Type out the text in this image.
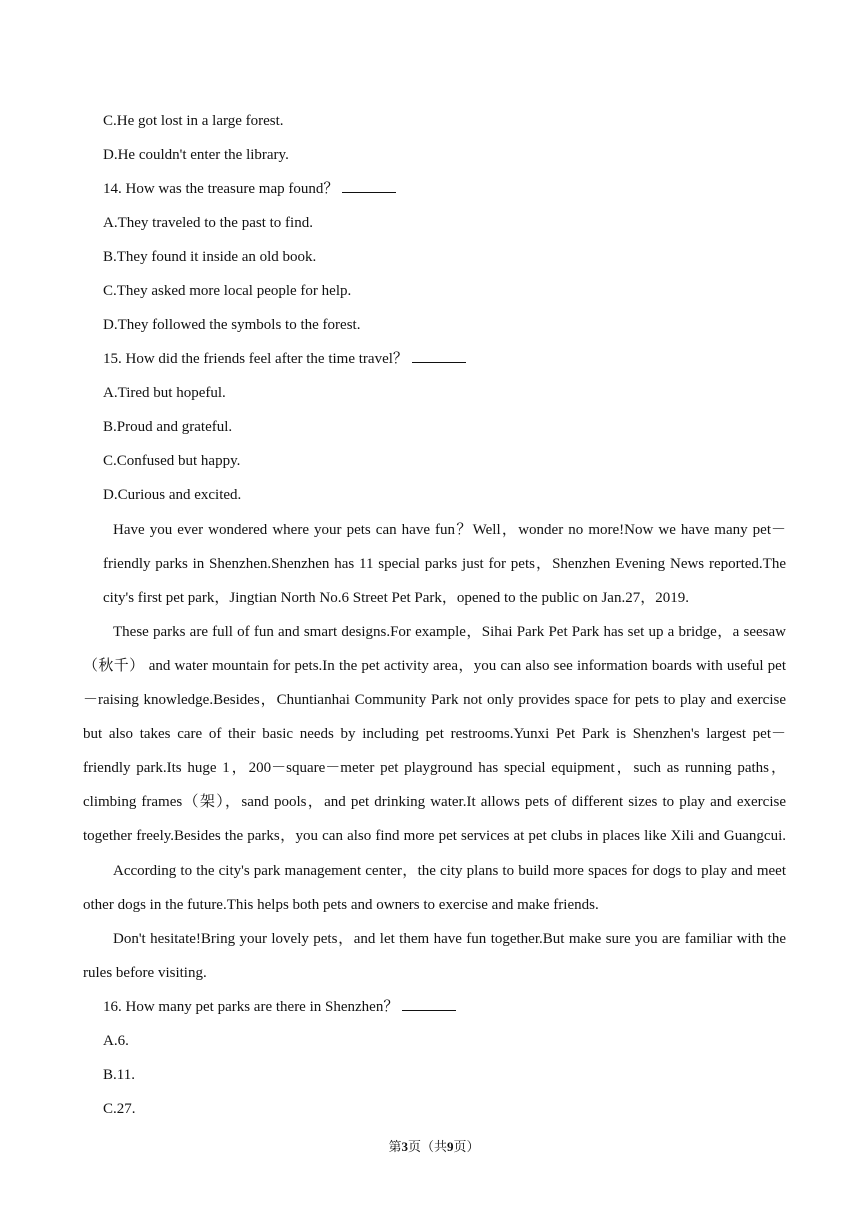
C.He got lost in a large forest.
D.He couldn't enter the library.
14. How was the treasure map found？
A.They traveled to the past to find.
B.They found it inside an old book.
C.They asked more local people for help.
D.They followed the symbols to the forest.
15. How did the friends feel after the time travel？
A.Tired but hopeful.
B.Proud and grateful.
C.Confused but happy.
D.Curious and excited.
Have you ever wondered where your pets can have fun？Well，wonder no more!Now we have many pet－
friendly parks in Shenzhen.Shenzhen has 11 special parks just for pets，Shenzhen Evening News reported.The
city's first pet park，Jingtian North No.6 Street Pet Park，opened to the public on Jan.27，2019.
These parks are full of fun and smart designs.For example，Sihai Park Pet Park has set up a bridge，a seesaw
（秋千） and water mountain for pets.In the pet activity area，you can also see information boards with useful pet
－raising knowledge.Besides，Chuntianhai Community Park not only provides space for pets to play and exercise
but also takes care of their basic needs by including pet restrooms.Yunxi Pet Park is Shenzhen's largest pet－
friendly park.Its huge 1，200－square－meter pet playground has special equipment，such as running paths，
climbing frames（架），sand pools，and pet drinking water.It allows pets of different sizes to play and exercise
together freely.Besides the parks，you can also find more pet services at pet clubs in places like Xili and Guangcui.
According to the city's park management center，the city plans to build more spaces for dogs to play and meet
other dogs in the future.This helps both pets and owners to exercise and make friends.
Don't hesitate!Bring your lovely pets，and let them have fun together.But make sure you are familiar with the
rules before visiting.
16. How many pet parks are there in Shenzhen？
A.6.
B.11.
C.27.
第3页（共9页）
